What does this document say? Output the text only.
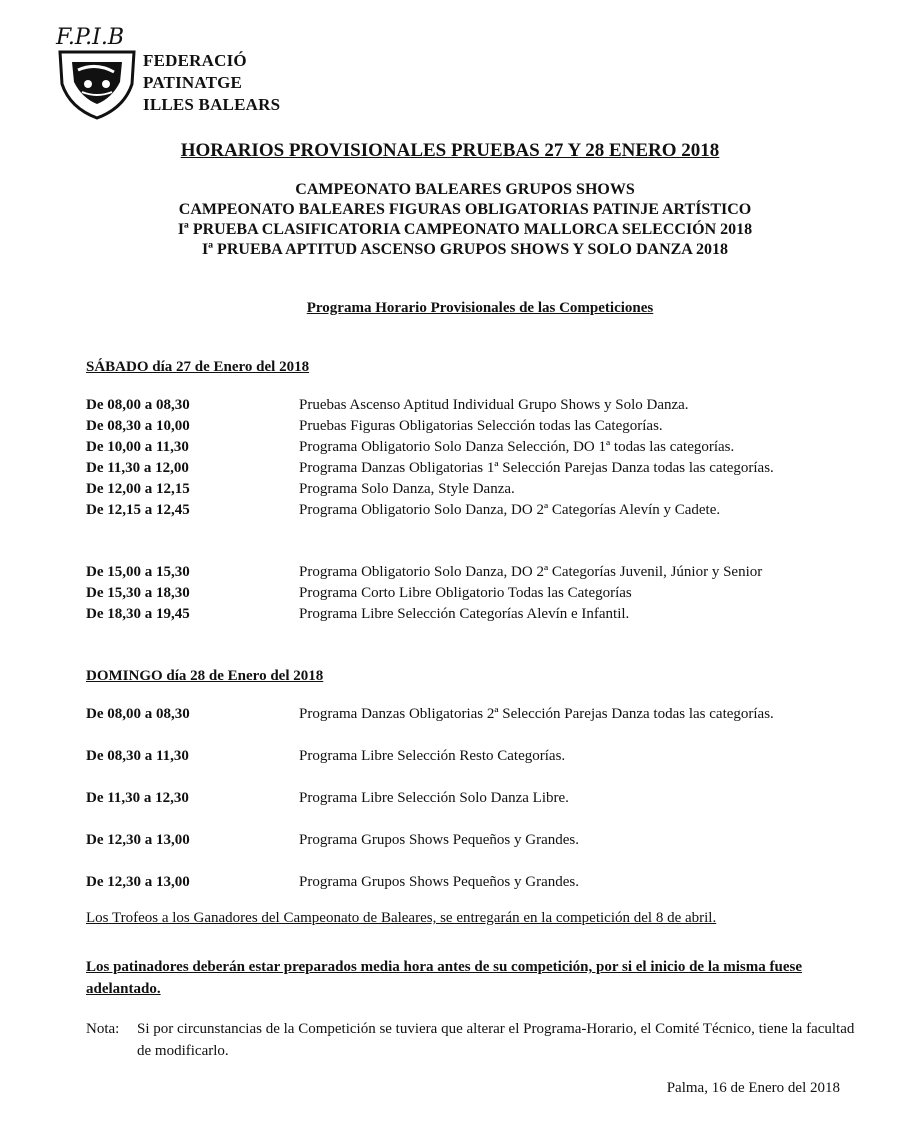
F.P.I.B
FEDERACIÓ
PATINATGE
ILLES BALEARS
HORARIOS PROVISIONALES PRUEBAS 27 Y 28 ENERO 2018
CAMPEONATO BALEARES GRUPOS SHOWS
CAMPEONATO BALEARES FIGURAS OBLIGATORIAS PATINJE ARTÍSTICO
Iª PRUEBA CLASIFICATORIA CAMPEONATO MALLORCA SELECCIÓN 2018
Iª PRUEBA APTITUD ASCENSO GRUPOS SHOWS Y SOLO DANZA 2018
Programa Horario Provisionales de las Competiciones
SÁBADO día 27 de Enero del 2018
De 08,00 a 08,30	Pruebas Ascenso Aptitud Individual Grupo Shows y Solo Danza.
De 08,30 a 10,00	Pruebas Figuras Obligatorias Selección todas las Categorías.
De 10,00 a 11,30	Programa Obligatorio Solo Danza Selección, DO 1ª todas las categorías.
De 11,30 a 12,00	Programa Danzas Obligatorias 1ª Selección Parejas Danza todas las categorías.
De 12,00 a 12,15	Programa Solo Danza, Style Danza.
De 12,15 a 12,45	Programa Obligatorio Solo Danza, DO 2ª Categorías Alevín y Cadete.
De 15,00 a 15,30	Programa Obligatorio Solo Danza, DO 2ª Categorías Juvenil, Júnior y Senior
De 15,30 a 18,30	Programa Corto Libre Obligatorio Todas las Categorías
De 18,30 a 19,45	Programa Libre Selección Categorías Alevín e Infantil.
DOMINGO día 28 de Enero del 2018
De 08,00 a 08,30	Programa Danzas Obligatorias 2ª Selección Parejas Danza todas las categorías.
De 08,30 a 11,30	Programa Libre Selección Resto Categorías.
De 11,30 a 12,30	Programa Libre Selección Solo Danza Libre.
De 12,30 a 13,00	Programa Grupos Shows Pequeños y Grandes.
De 12,30 a 13,00	Programa Grupos Shows Pequeños y Grandes.
Los Trofeos a los Ganadores del Campeonato de Baleares, se entregarán en la competición del 8 de abril.
Los patinadores deberán estar preparados media hora antes de su competición, por si el inicio de la misma fuese adelantado.
Nota: Si por circunstancias de la Competición se tuviera que alterar el Programa-Horario, el Comité Técnico, tiene la facultad de modificarlo.
Palma, 16 de Enero del 2018
